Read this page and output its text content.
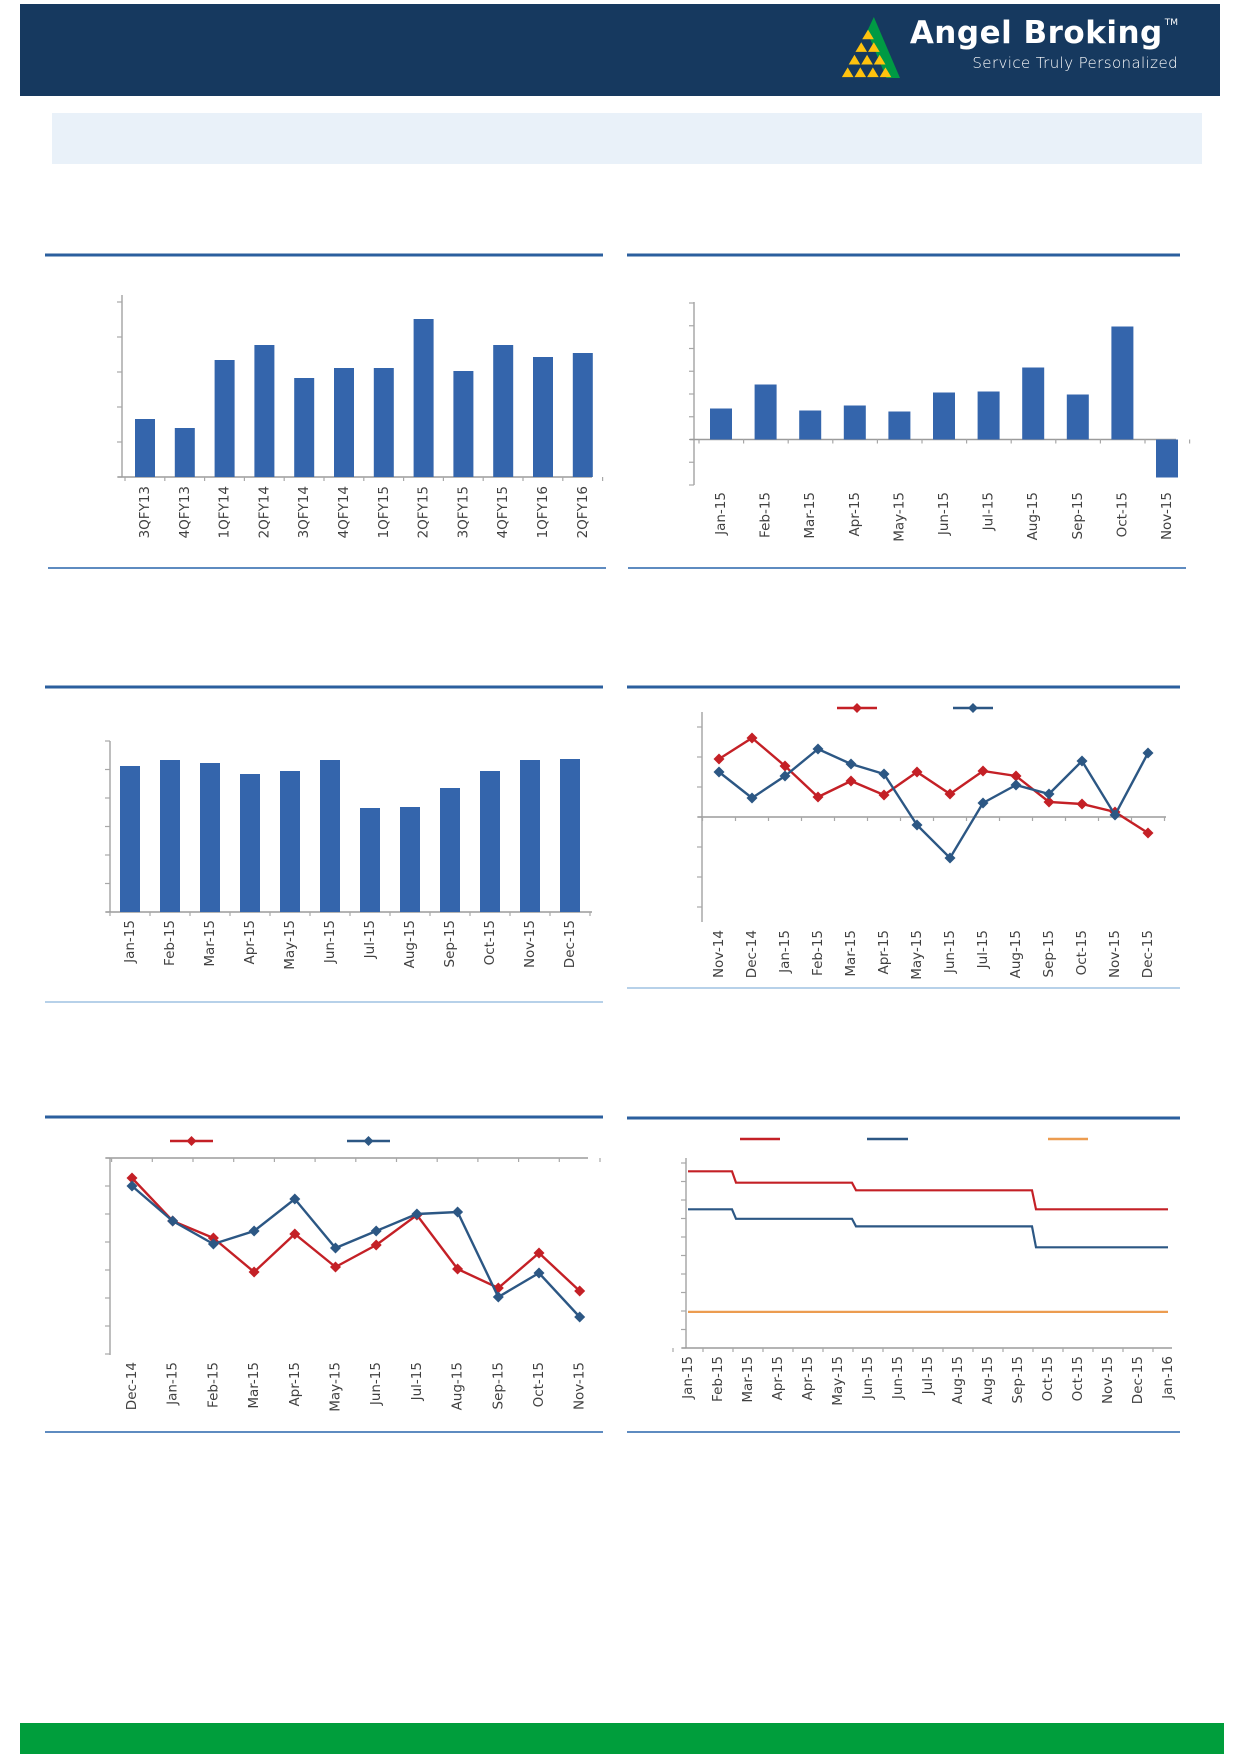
Angel Broking TM
Service Truly Personalized
3QFY13 4QFY13 1QFY14 2QFY14 3QFY14 4QFY14 1QFY15 2QFY15 3QFY15 4QFY15 1QFY16 2QFY16	Jan-15 Feb-15 Mar-15 Apr-15 May-15 Jun-15 Jul-15 Aug-15 Sep-15 Oct-15 Nov-15
Jan-15 Feb-15 Mar-15 Apr-15 May-15 Jun-15 Jul-15 Aug-15 Sep-15 Oct-15 Nov-15 Dec-15	Nov-14 Dec-14 Jan-15 Feb-15 Mar-15 Apr-15 May-15 Jun-15 Jul-15 Aug-15 Sep-15 Oct-15 Nov-15 Dec-15
Dec-14 Jan-15 Feb-15 Mar-15 Apr-15 May-15 Jun-15 Jul-15 Aug-15 Sep-15 Oct-15 Nov-15	Jan-15 Feb-15 Mar-15 Apr-15 Apr-15 May-15 Jun-15 Jun-15 Jul-15 Aug-15 Aug-15 Sep-15 Oct-15 Oct-15 Nov-15 Dec-15 Jan-16
